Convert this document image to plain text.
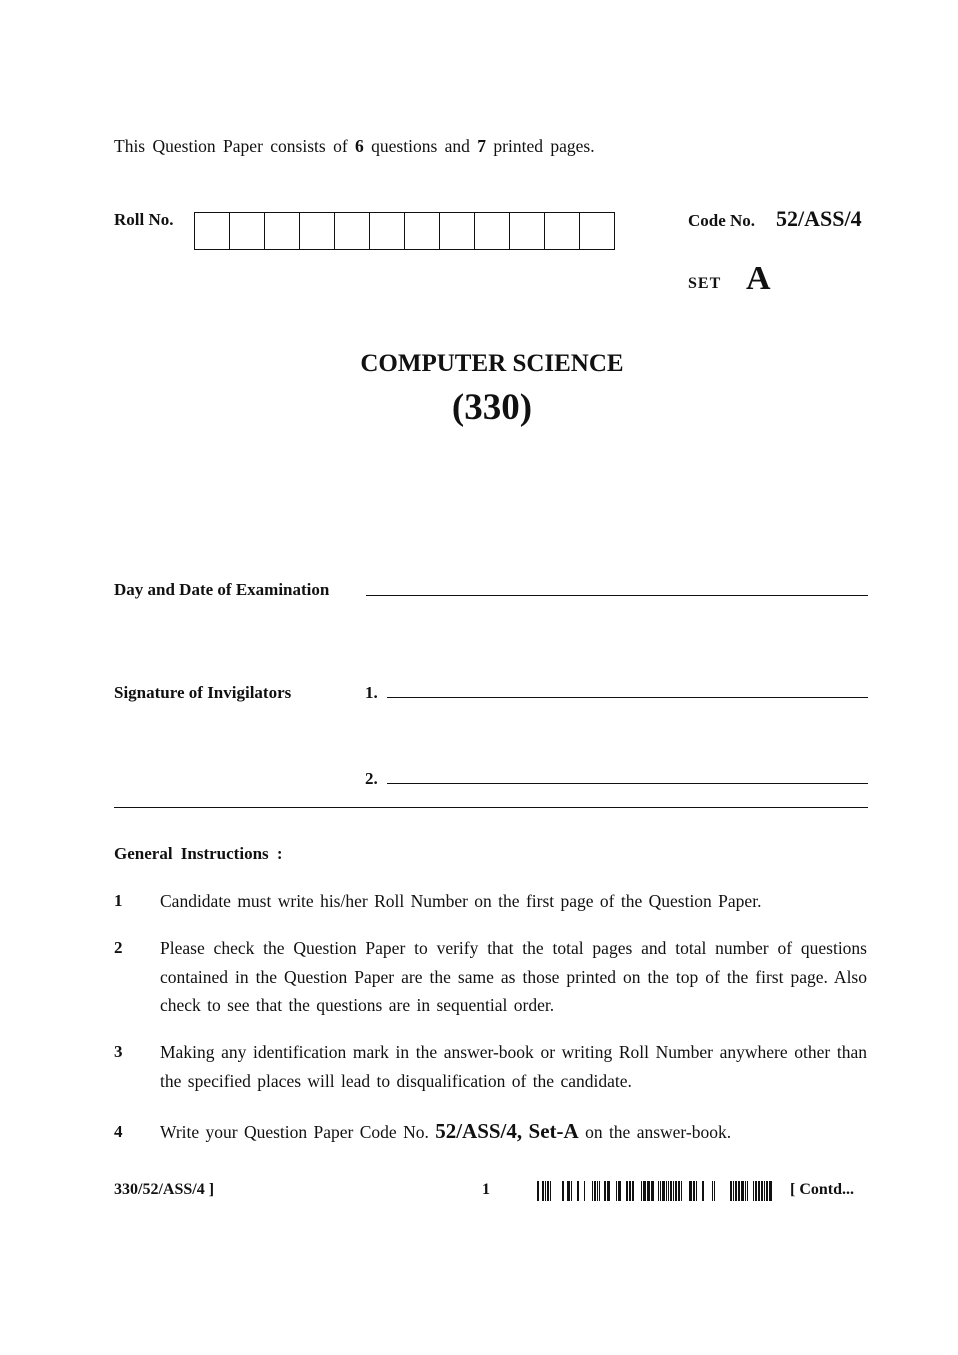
This Question Paper consists of 6 questions and 7 printed pages.
Roll No.	Code No. 52/ASS/4
SET A
COMPUTER SCIENCE
(330)
Day and Date of Examination
Signature of Invigilators	1.
2.
General Instructions :
1 Candidate must write his/her Roll Number on the first page of the Question Paper.
2 Please check the Question Paper to verify that the total pages and total number of questions contained in the Question Paper are the same as those printed on the top of the first page. Also check to see that the questions are in sequential order.
3 Making any identification mark in the answer-book or writing Roll Number anywhere other than the specified places will lead to disqualification of the candidate.
4 Write your Question Paper Code No. 52/ASS/4, Set-A on the answer-book.
330/52/ASS/4 ]	1	[ Contd...
